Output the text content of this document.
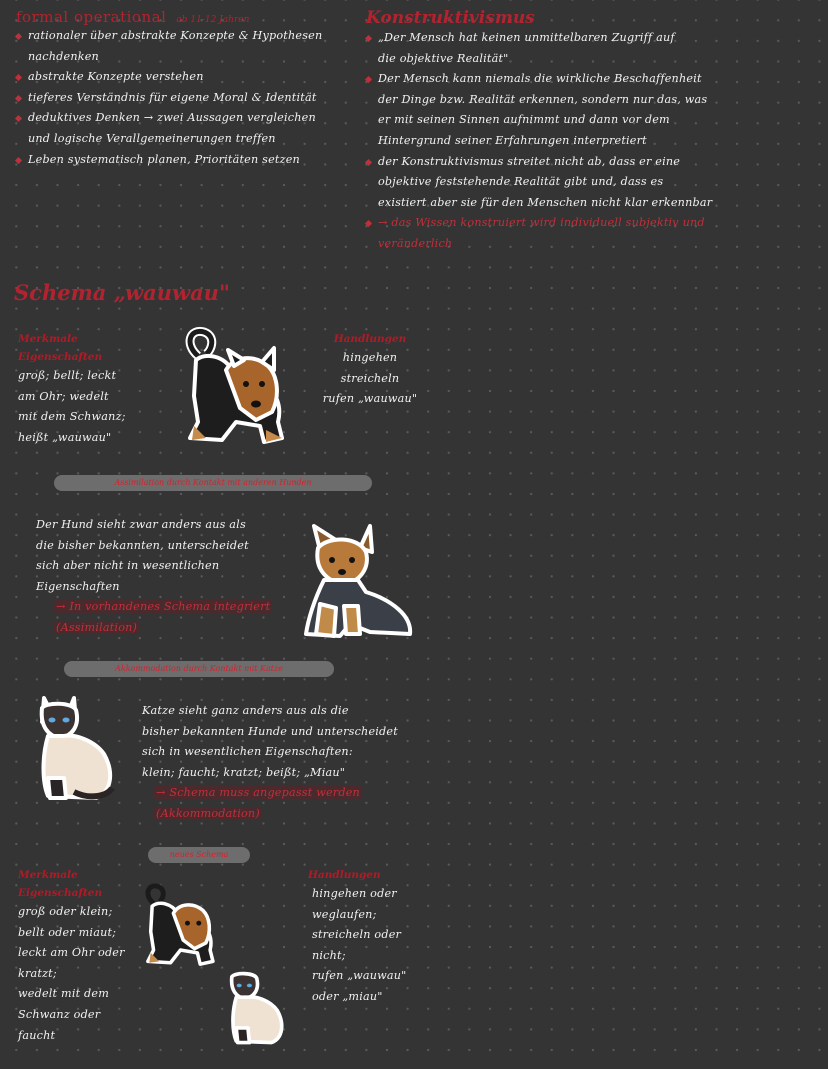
formal operational ab 11-12 Jahren
rationaler über abstrakte Konzepte & Hypothesen
nachdenken
abstrakte Konzepte verstehen
tieferes Verständnis für eigene Moral & Identität
deduktives Denken → zwei Aussagen vergleichen
und logische Verallgemeinerungen treffen
Leben systematisch planen, Prioritäten setzen
Konstruktivismus
„Der Mensch hat keinen unmittelbaren Zugriff auf
die objektive Realität"
Der Mensch kann niemals die wirkliche Beschaffenheit
der Dinge bzw. Realität erkennen, sondern nur das, was
er mit seinen Sinnen aufnimmt und dann vor dem
Hintergrund seiner Erfahrungen interpretiert
der Konstruktivismus streitet nicht ab, dass er eine
objektive feststehende Realität gibt und, dass es
existiert aber sie für den Menschen nicht klar erkennbar
→ das Wissen konstruiert wird individuell subjektiv und
veränderlich
Schema „wauwau"
Merkmale
Eigenschaften
groß; bellt; leckt
am Ohr; wedelt
mit dem Schwanz;
heißt „wauwau"
Handlungen
hingehen
streicheln
rufen „wauwau"
Assimilation durch Kontakt mit anderen Hunden
Der Hund sieht zwar anders aus als
die bisher bekannten, unterscheidet
sich aber nicht in wesentlichen
Eigenschaften
→ In vorhandenes Schema integriert
(Assimilation)
Akkommodation durch Kontakt mit Katze
Katze sieht ganz anders aus als die
bisher bekannten Hunde und unterscheidet
sich in wesentlichen Eigenschaften:
klein; faucht; kratzt; beißt; „Miau"
→ Schema muss angepasst werden
(Akkommodation)
neues Schema
Merkmale
Eigenschaften
groß oder klein;
bellt oder miaut;
leckt am Ohr oder
kratzt;
wedelt mit dem
Schwanz oder
faucht
Handlungen
hingehen oder
weglaufen;
streicheln oder
nicht;
rufen „wauwau"
oder „miau"
